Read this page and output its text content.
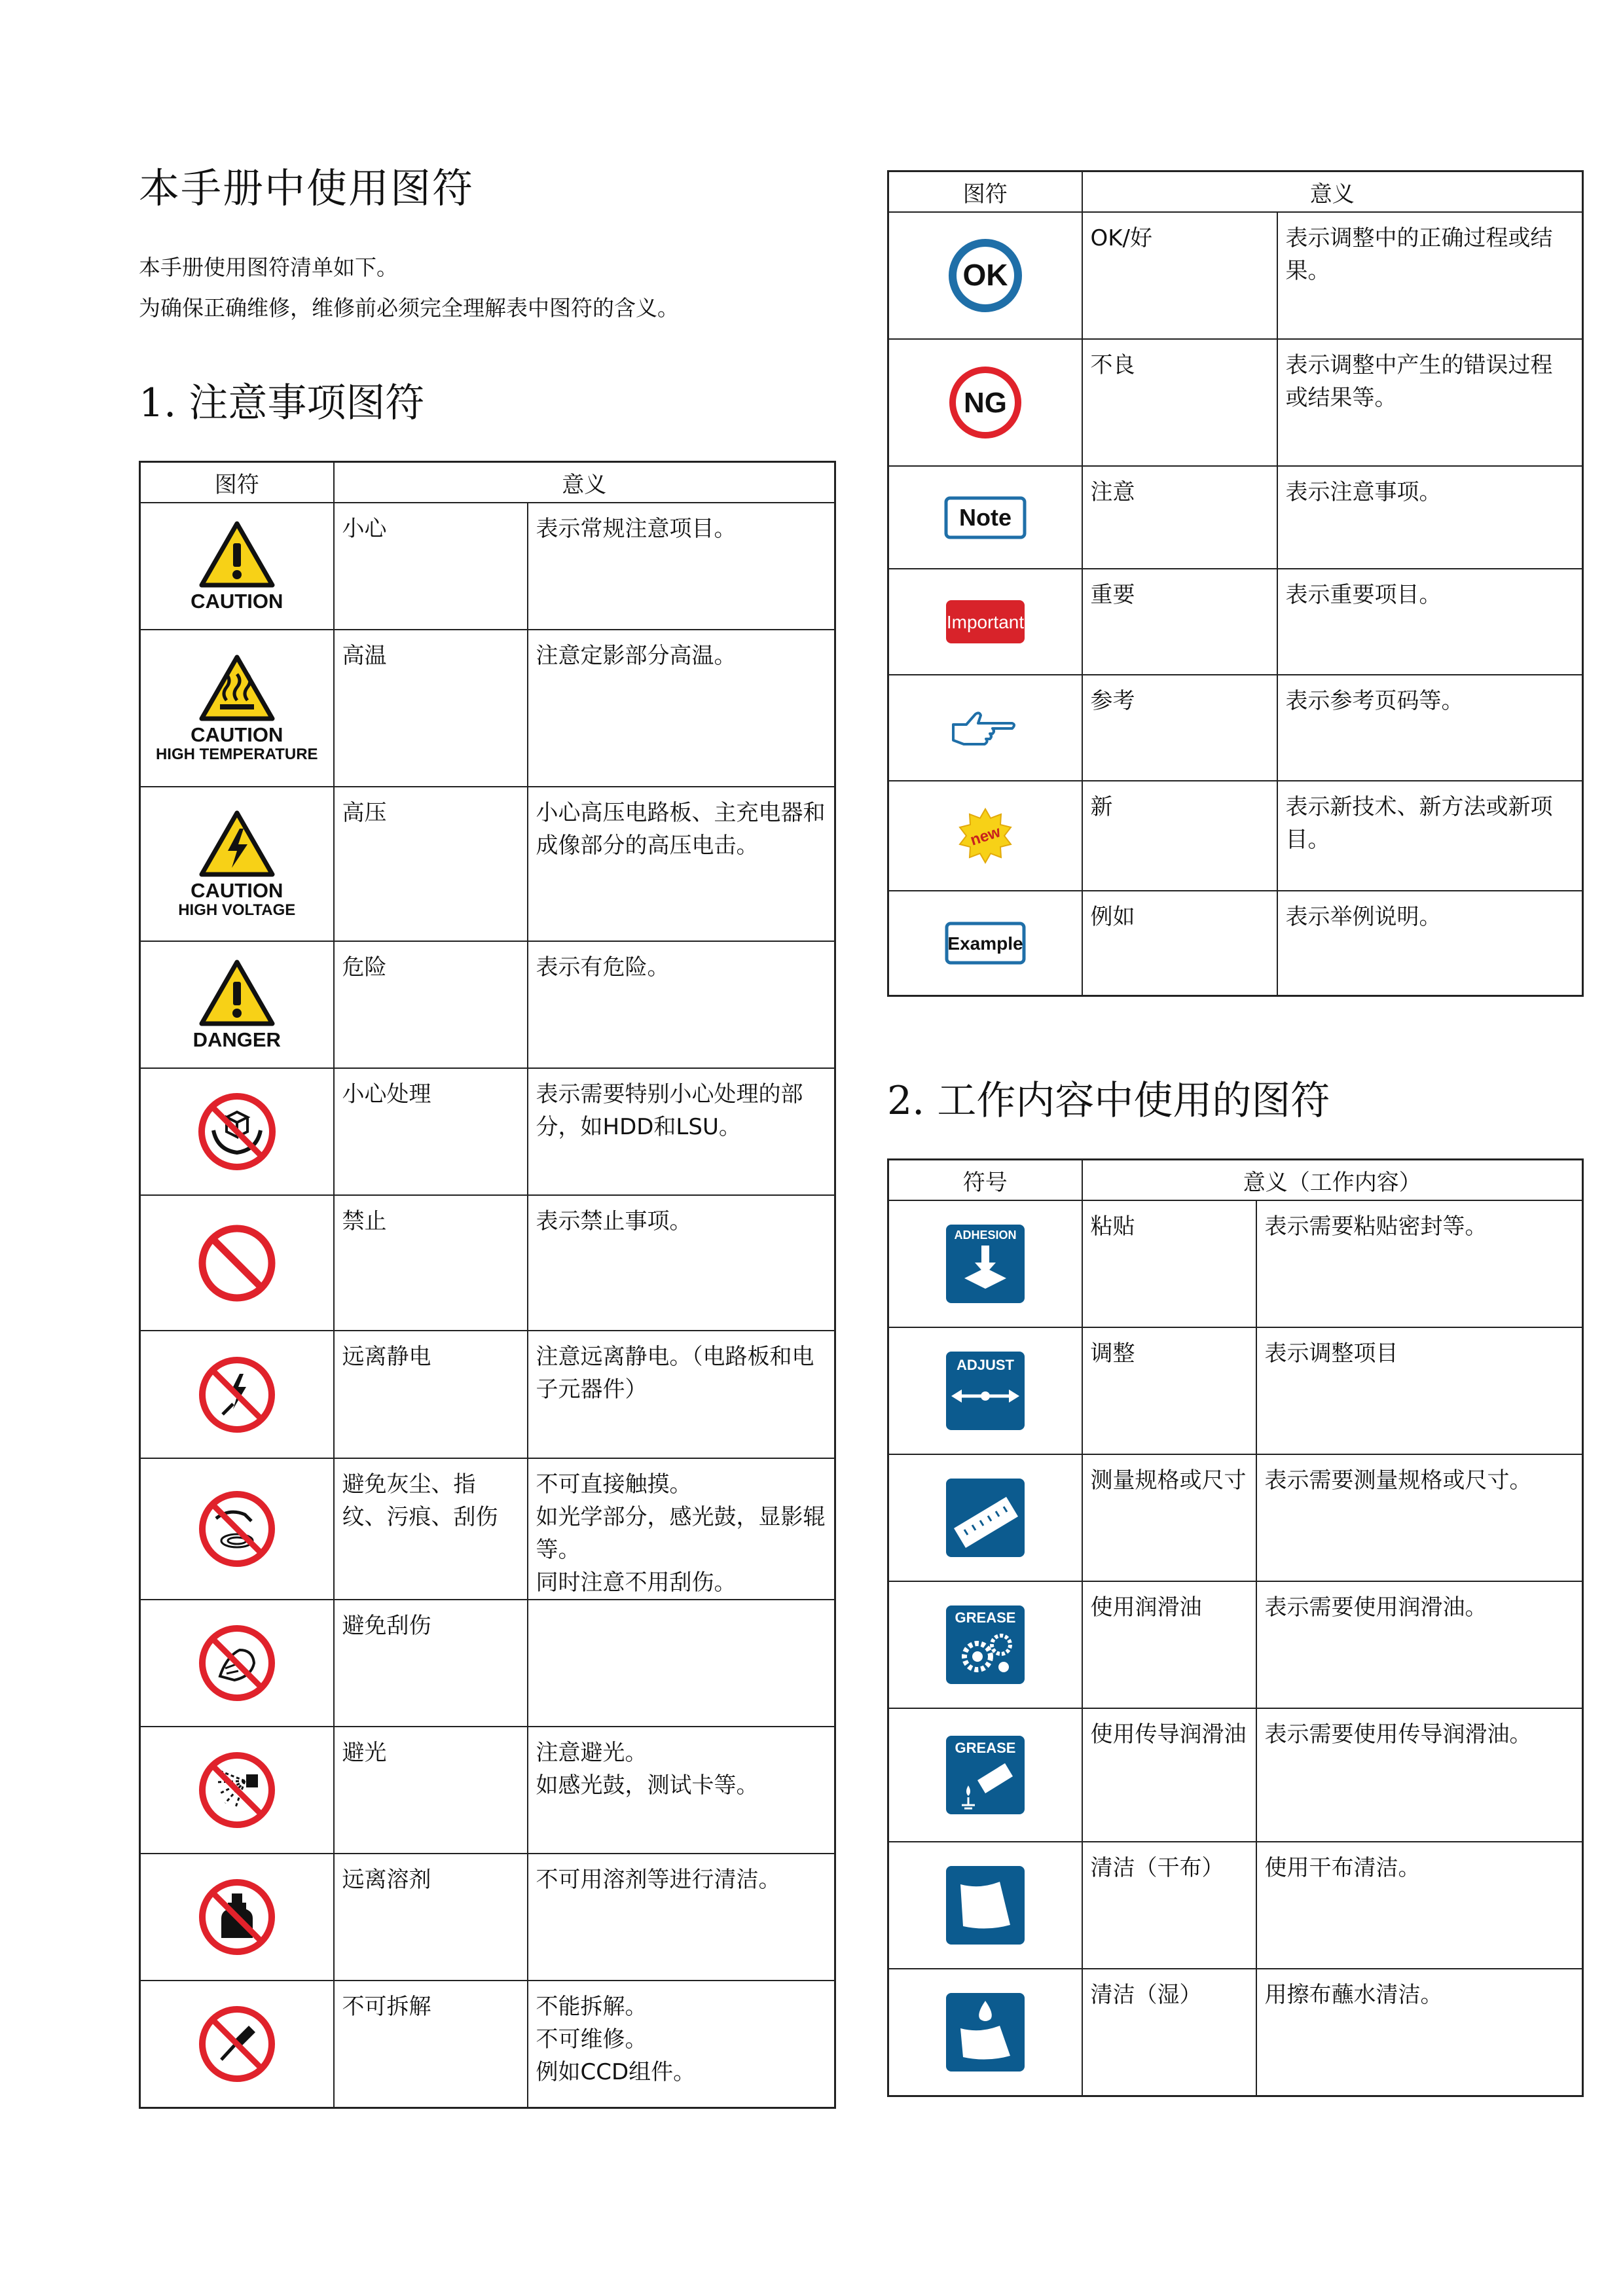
本手册中使用图符
本手册使用图符清单如下。
为确保正确维修，维修前必须完全理解表中图符的含义。
1. 注意事项图符
图符	意义	

CAUTION	小心	表示常规注意项目。

CAUTION
HIGH TEMPERATURE	高温	注意定影部分高温。

CAUTION
HIGH VOLTAGE	高压	小心高压电路板、主充电器和成像部分的高压电击。

DANGER	危险	表示有危险。

	小心处理	表示需要特别小心处理的部分，如HDD和LSU。

	禁止	表示禁止事项。

	远离静电	注意远离静电。（电路板和电子元器件）

	避免灰尘、指纹、污痕、刮伤	不可直接触摸。
如光学部分，感光鼓，显影辊等。
同时注意不用刮伤。

	避免刮伤	

	避光	注意避光。
如感光鼓，测试卡等。

	远离溶剂	不可用溶剂等进行清洁。

	不可拆解	不能拆解。
不可维修。
例如CCD组件。
图符	意义	

OK	OK/好	表示调整中的正确过程或结果。

NG	不良	表示调整中产生的错误过程或结果等。

Note	注意	表示注意事项。

Important	重要	表示重要项目。

	参考	表示参考页码等。

new	新	表示新技术、新方法或新项目。

Example	例如	表示举例说明。
2. 工作内容中使用的图符
符号	意义（工作内容）	

ADHESION	粘贴	表示需要粘贴密封等。

ADJUST	调整	表示调整项目

	测量规格或尺寸	表示需要测量规格或尺寸。

GREASE	使用润滑油	表示需要使用润滑油。

GREASE	使用传导润滑油	表示需要使用传导润滑油。

	清洁（干布）	使用干布清洁。

	清洁（湿）	用擦布蘸水清洁。
